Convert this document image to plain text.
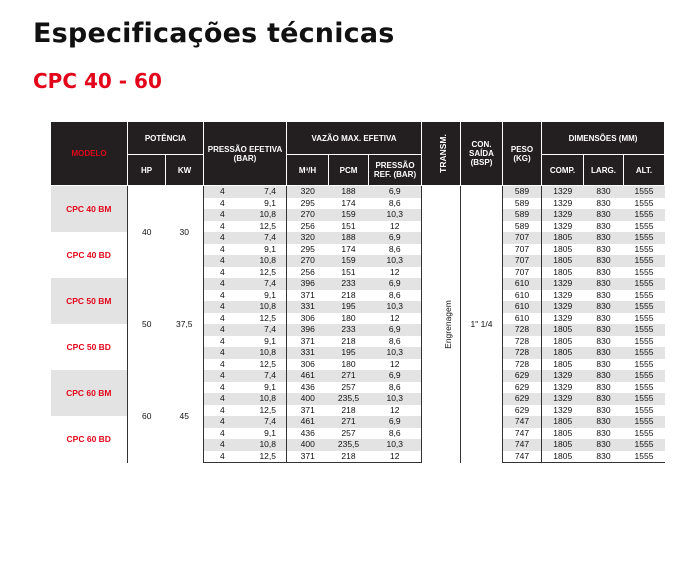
Especificações técnicas
CPC 40 - 60
MODELO	POTÊNCIA		PRESSÃO EFETIVA (BAR)		VAZÃO MAX. EFETIVA			TRANSM.	CON. SAÍDA (BSP)	PESO (KG)	DIMENSÕES (MM)		
	HP	KW			M³/H	PCM	PRESSÃO REF. (BAR)				COMP.	LARG.	ALT.
CPC 40 BM	40	30	4	7,4	320	188	6,9	Engrenagem	1" 1/4	589	1329	830	1555
			4	9,1	295	174	8,6			589	1329	830	1555
			4	10,8	270	159	10,3			589	1329	830	1555
			4	12,5	256	151	12			589	1329	830	1555
CPC 40 BD			4	7,4	320	188	6,9			707	1805	830	1555
			4	9,1	295	174	8,6			707	1805	830	1555
			4	10,8	270	159	10,3			707	1805	830	1555
			4	12,5	256	151	12			707	1805	830	1555
CPC 50 BM	50	37,5	4	7,4	396	233	6,9			610	1329	830	1555
			4	9,1	371	218	8,6			610	1329	830	1555
			4	10,8	331	195	10,3			610	1329	830	1555
			4	12,5	306	180	12			610	1329	830	1555
CPC 50 BD			4	7,4	396	233	6,9			728	1805	830	1555
			4	9,1	371	218	8,6			728	1805	830	1555
			4	10,8	331	195	10,3			728	1805	830	1555
			4	12,5	306	180	12			728	1805	830	1555
CPC 60 BM	60	45	4	7,4	461	271	6,9			629	1329	830	1555
			4	9,1	436	257	8,6			629	1329	830	1555
			4	10,8	400	235,5	10,3			629	1329	830	1555
			4	12,5	371	218	12			629	1329	830	1555
CPC 60 BD			4	7,4	461	271	6,9			747	1805	830	1555
			4	9,1	436	257	8,6			747	1805	830	1555
			4	10,8	400	235,5	10,3			747	1805	830	1555
			4	12,5	371	218	12			747	1805	830	1555
